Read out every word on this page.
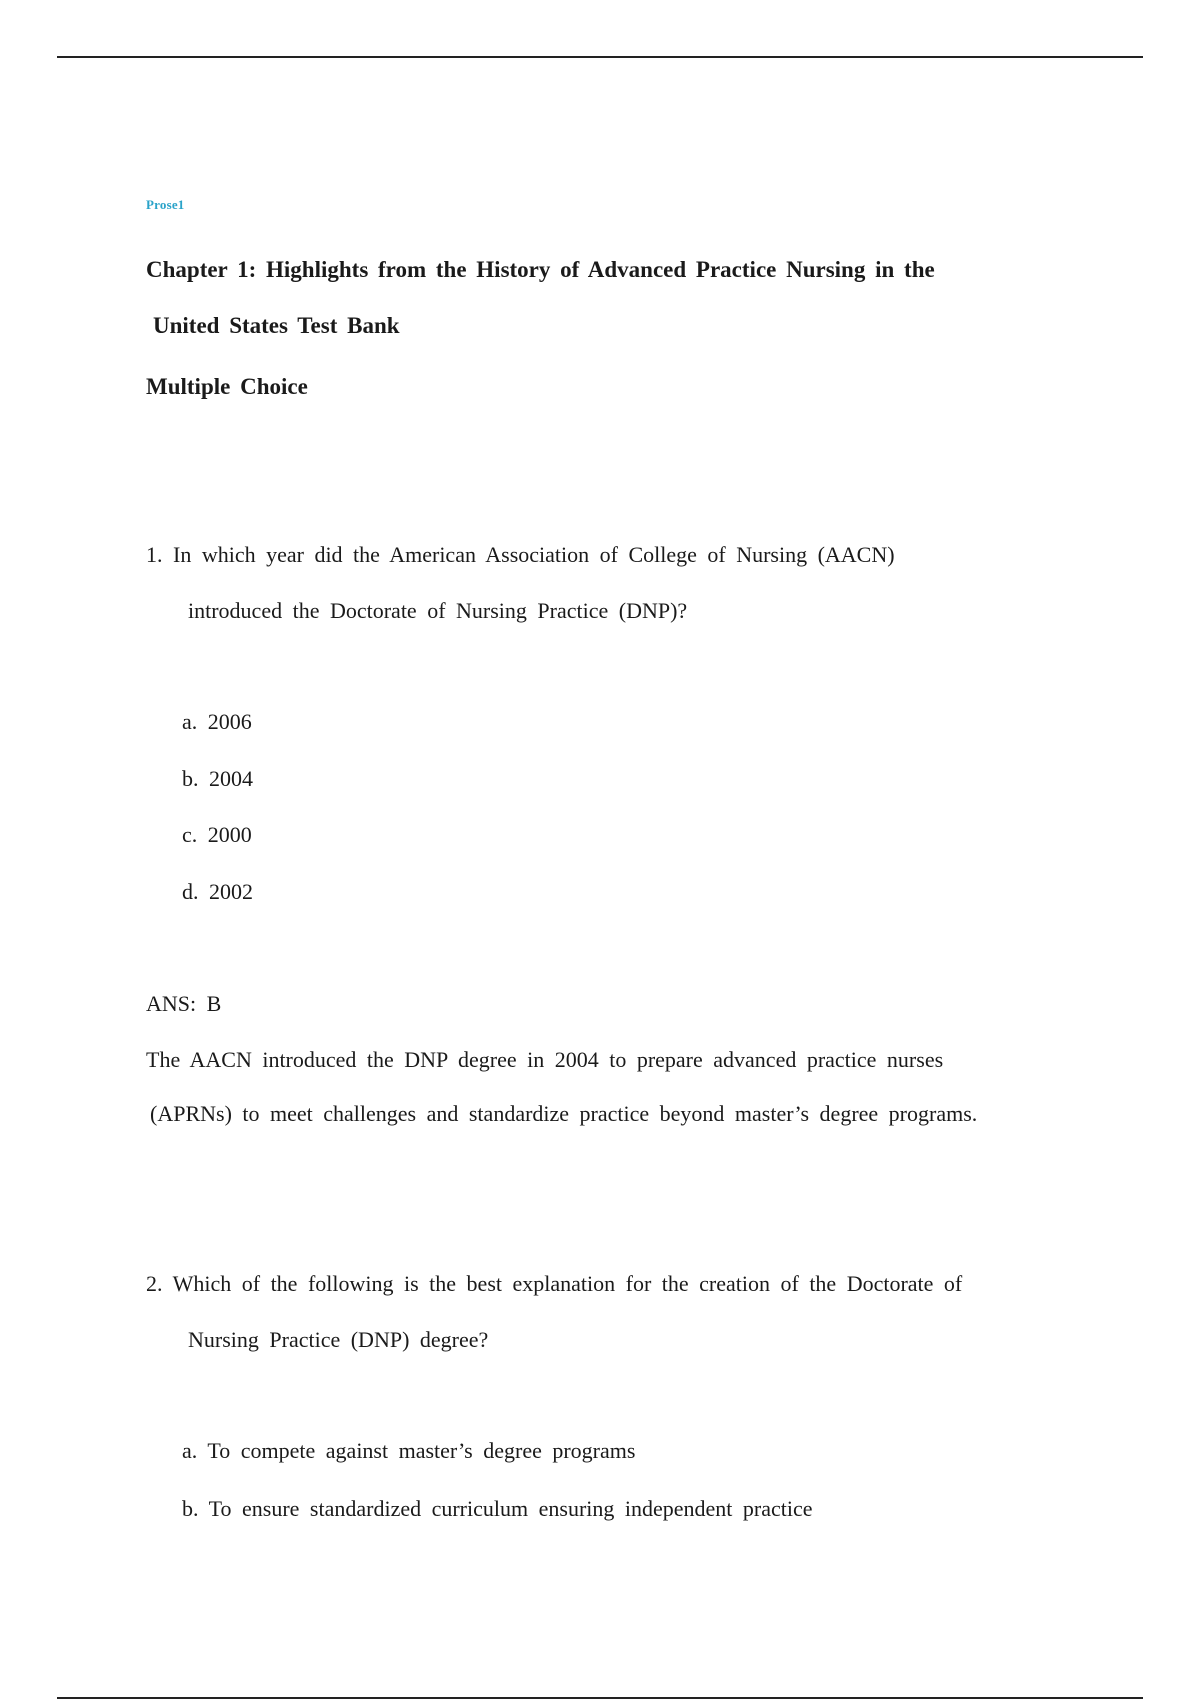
Prose1
Chapter 1: Highlights from the History of Advanced Practice Nursing in the
United States Test Bank
Multiple Choice
1. In which year did the American Association of College of Nursing (AACN)
introduced the Doctorate of Nursing Practice (DNP)?
a. 2006
b. 2004
c. 2000
d. 2002
ANS: B
The AACN introduced the DNP degree in 2004 to prepare advanced practice nurses
(APRNs) to meet challenges and standardize practice beyond master’s degree programs.
2. Which of the following is the best explanation for the creation of the Doctorate of
Nursing Practice (DNP) degree?
a. To compete against master’s degree programs
b. To ensure standardized curriculum ensuring independent practice
